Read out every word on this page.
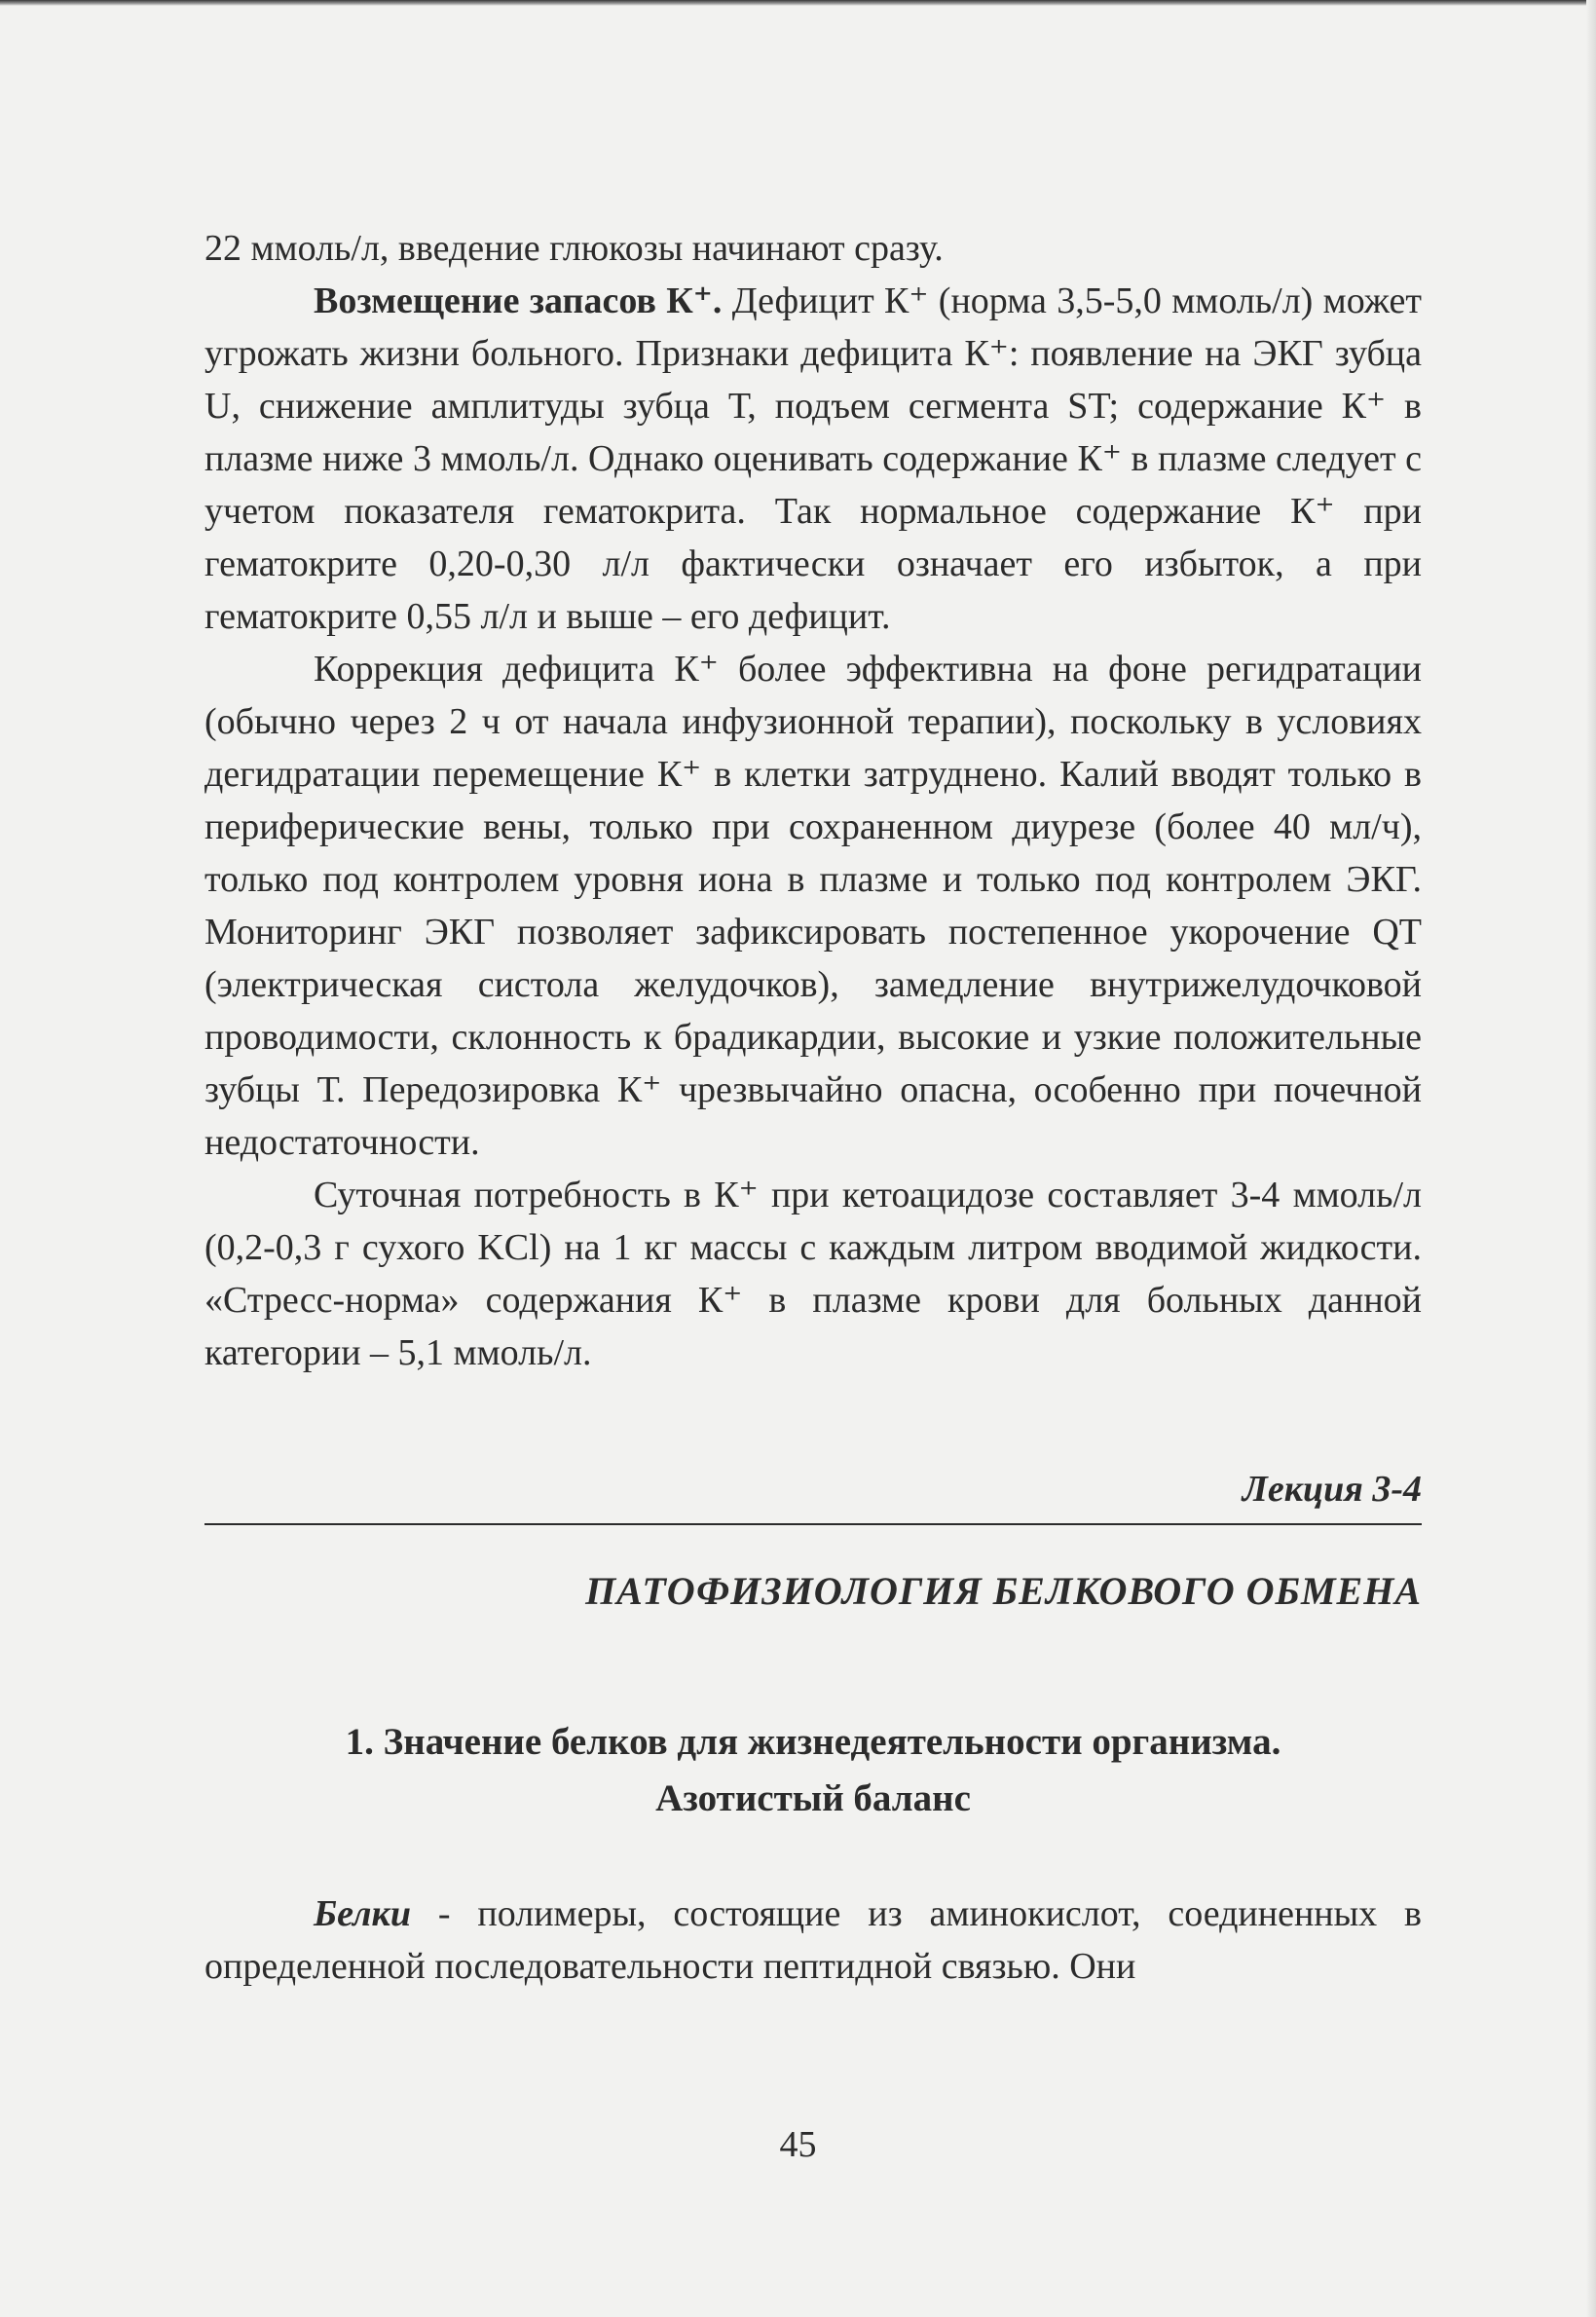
22 ммоль/л, введение глюкозы начинают сразу.

Возмещение запасов К⁺. Дефицит К⁺ (норма 3,5-5,0 ммоль/л) может угрожать жизни больного. Признаки дефицита К⁺: появление на ЭКГ зубца U, снижение амплитуды зубца Т, подъем сегмента ST; содержание К⁺ в плазме ниже 3 ммоль/л. Однако оценивать содержание К⁺ в плазме следует с учетом показателя гематокрита. Так нормальное содержание К⁺ при гематокрите 0,20-0,30 л/л фактически означает его избыток, а при гематокрите 0,55 л/л и выше – его дефицит.

Коррекция дефицита К⁺ более эффективна на фоне регидратации (обычно через 2 ч от начала инфузионной терапии), поскольку в условиях дегидратации перемещение К⁺ в клетки затруднено. Калий вводят только в периферические вены, только при сохраненном диурезе (более 40 мл/ч), только под контролем уровня иона в плазме и только под контролем ЭКГ. Мониторинг ЭКГ позволяет зафиксировать постепенное укорочение QT (электрическая систола желудочков), замедление внутрижелудочковой проводимости, склонность к брадикардии, высокие и узкие положительные зубцы Т. Передозировка К⁺ чрезвычайно опасна, особенно при почечной недостаточности.

Суточная потребность в К⁺ при кетоацидозе составляет 3-4 ммоль/л (0,2-0,3 г сухого KCl) на 1 кг массы с каждым литром вводимой жидкости. «Стресс-норма» содержания К⁺ в плазме крови для больных данной категории – 5,1 ммоль/л.

Лекция 3-4
ПАТОФИЗИОЛОГИЯ БЕЛКОВОГО ОБМЕНА
1. Значение белков для жизнедеятельности организма.
Азотистый баланс

Белки - полимеры, состоящие из аминокислот, соединенных в определенной последовательности пептидной связью. Они

45
